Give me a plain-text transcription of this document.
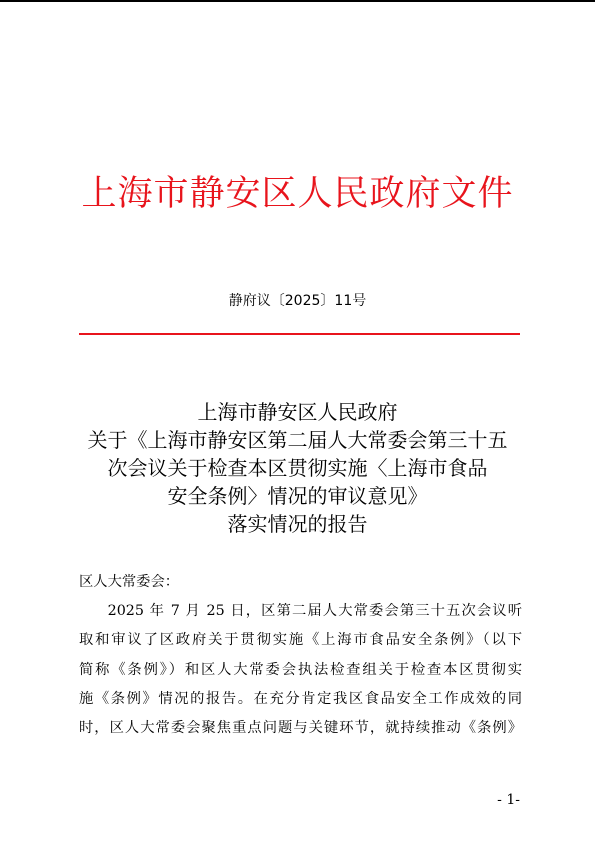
上海市静安区人民政府文件
静府议〔2025〕11号
上海市静安区人民政府
关于《上海市静安区第二届人大常委会第三十五
次会议关于检查本区贯彻实施〈上海市食品
安全条例〉情况的审议意见》
落实情况的报告

区人大常委会：

2025 年 7 月 25 日，区第二届人大常委会第三十五次会议听

取和审议了区政府关于贯彻实施《上海市食品安全条例》（以下

简称《条例》）和区人大常委会执法检查组关于检查本区贯彻实

施《条例》情况的报告。在充分肯定我区食品安全工作成效的同

时，区人大常委会聚焦重点问题与关键环节，就持续推动《条例》

- 1-
